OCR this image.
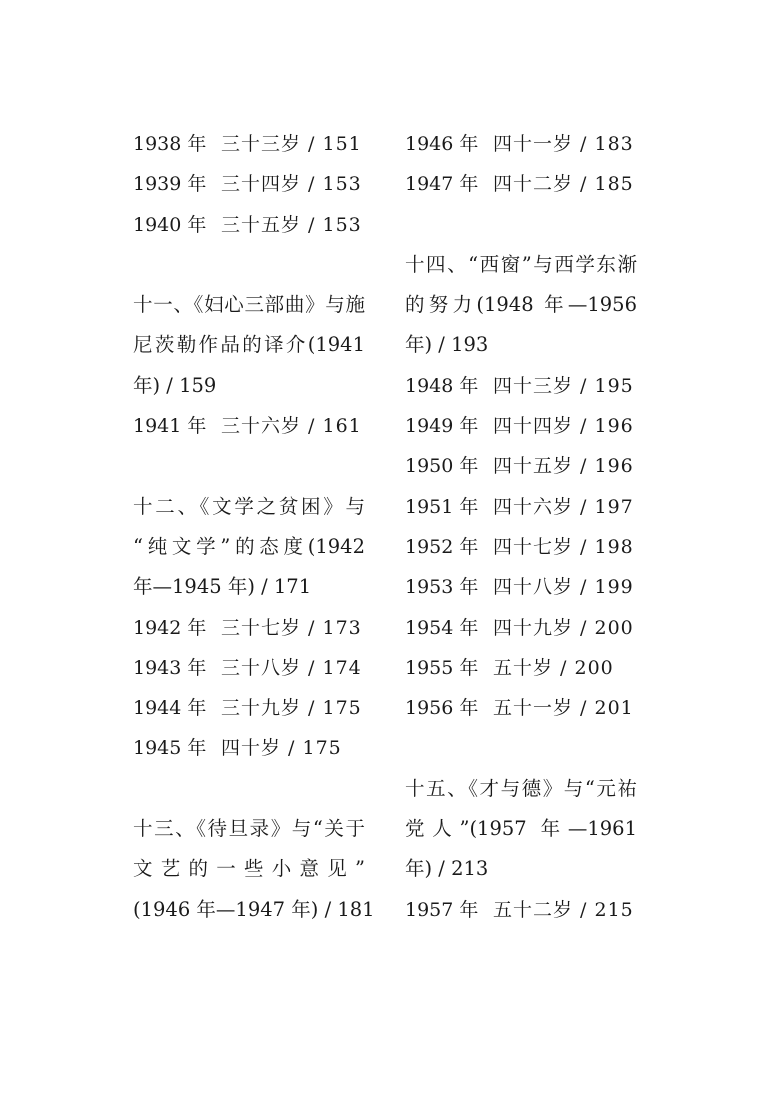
1938 年 三十三岁 / 151
1939 年 三十四岁 / 153
1940 年 三十五岁 / 153
十一、《妇心三部曲》与施
尼茨勒作品的译介(1941
年) / 159
1941 年 三十六岁 / 161
十二、《文学之贫困》与
“纯文学”的态度(1942
年—1945 年) / 171
1942 年 三十七岁 / 173
1943 年 三十八岁 / 174
1944 年 三十九岁 / 175
1945 年 四十岁 / 175
十三、《待旦录》与“关于
文艺的一些小意见”
(1946 年—1947 年) / 181
1946 年 四十一岁 / 183
1947 年 四十二岁 / 185
十四、“西窗”与西学东渐
的努力(1948 年—1956
年) / 193
1948 年 四十三岁 / 195
1949 年 四十四岁 / 196
1950 年 四十五岁 / 196
1951 年 四十六岁 / 197
1952 年 四十七岁 / 198
1953 年 四十八岁 / 199
1954 年 四十九岁 / 200
1955 年 五十岁 / 200
1956 年 五十一岁 / 201
十五、《才与德》与“元祐
党人”(1957 年—1961
年) / 213
1957 年 五十二岁 / 215
